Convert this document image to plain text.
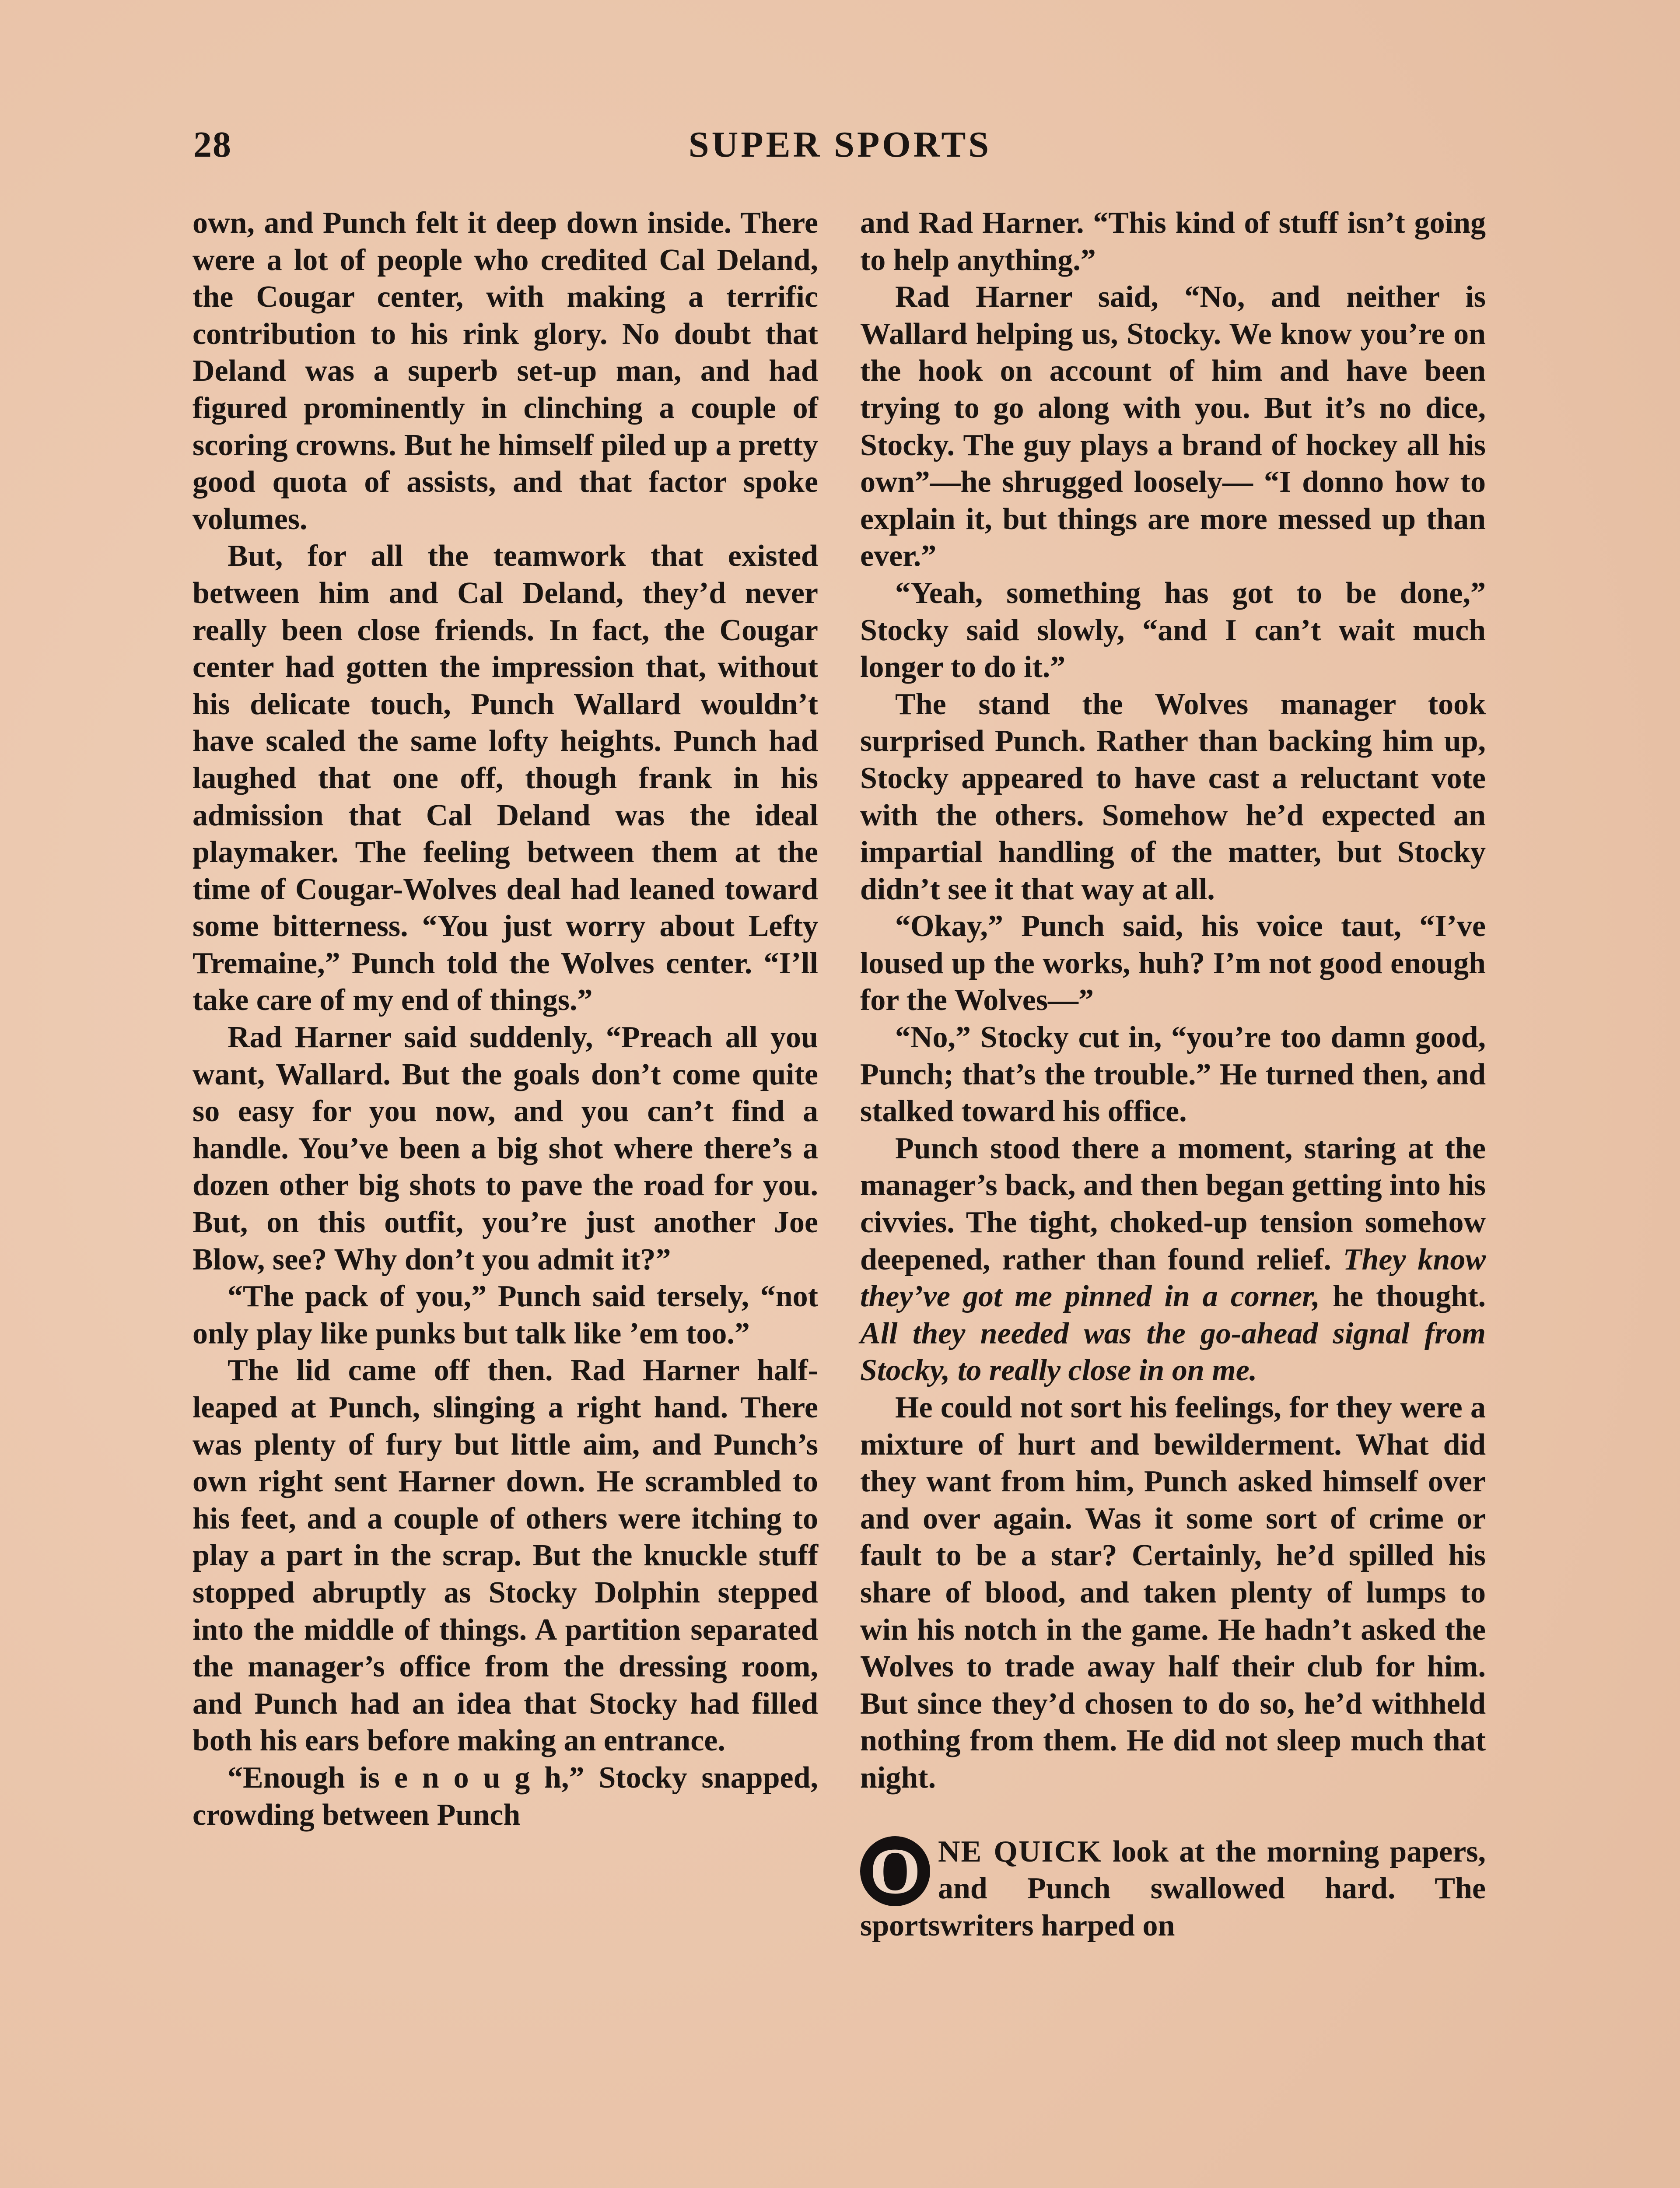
28	SUPER SPORTS

own, and Punch felt it deep down inside. There were a lot of people who credited Cal Deland, the Cougar center, with making a terrific contribution to his rink glory. No doubt that Deland was a superb set-up man, and had figured prominently in clinching a couple of scoring crowns. But he himself piled up a pretty good quota of assists, and that factor spoke volumes.

But, for all the teamwork that existed between him and Cal Deland, they’d never really been close friends. In fact, the Cougar center had gotten the impression that, without his delicate touch, Punch Wallard wouldn’t have scaled the same lofty heights. Punch had laughed that one off, though frank in his admission that Cal Deland was the ideal playmaker. The feeling between them at the time of Cougar-Wolves deal had leaned toward some bitterness. “You just worry about Lefty Tremaine,” Punch told the Wolves center. “I’ll take care of my end of things.”

Rad Harner said suddenly, “Preach all you want, Wallard. But the goals don’t come quite so easy for you now, and you can’t find a handle. You’ve been a big shot where there’s a dozen other big shots to pave the road for you. But, on this outfit, you’re just another Joe Blow, see? Why don’t you admit it?”

“The pack of you,” Punch said tersely, “not only play like punks but talk like ’em too.”

The lid came off then. Rad Harner half-leaped at Punch, slinging a right hand. There was plenty of fury but little aim, and Punch’s own right sent Harner down. He scrambled to his feet, and a couple of others were itching to play a part in the scrap. But the knuckle stuff stopped abruptly as Stocky Dolphin stepped into the middle of things. A partition separated the manager’s office from the dressing room, and Punch had an idea that Stocky had filled both his ears before making an entrance.

“Enough is e n o u g h,” Stocky snapped, crowding between Punch

and Rad Harner. “This kind of stuff isn’t going to help anything.”

Rad Harner said, “No, and neither is Wallard helping us, Stocky. We know you’re on the hook on account of him and have been trying to go along with you. But it’s no dice, Stocky. The guy plays a brand of hockey all his own”—he shrugged loosely— “I donno how to explain it, but things are more messed up than ever.”

“Yeah, something has got to be done,” Stocky said slowly, “and I can’t wait much longer to do it.”

The stand the Wolves manager took surprised Punch. Rather than backing him up, Stocky appeared to have cast a reluctant vote with the others. Somehow he’d expected an impartial handling of the matter, but Stocky didn’t see it that way at all.

“Okay,” Punch said, his voice taut, “I’ve loused up the works, huh? I’m not good enough for the Wolves—”

“No,” Stocky cut in, “you’re too damn good, Punch; that’s the trouble.” He turned then, and stalked toward his office.

Punch stood there a moment, staring at the manager’s back, and then began getting into his civvies. The tight, choked-up tension somehow deepened, rather than found relief. They know they’ve got me pinned in a corner, he thought. All they needed was the go-ahead signal from Stocky, to really close in on me.

He could not sort his feelings, for they were a mixture of hurt and bewilderment. What did they want from him, Punch asked himself over and over again. Was it some sort of crime or fault to be a star? Certainly, he’d spilled his share of blood, and taken plenty of lumps to win his notch in the game. He hadn’t asked the Wolves to trade away half their club for him. But since they’d chosen to do so, he’d withheld nothing from them. He did not sleep much that night.

O NE QUICK look at the morning papers, and Punch swallowed hard. The sportswriters harped on
